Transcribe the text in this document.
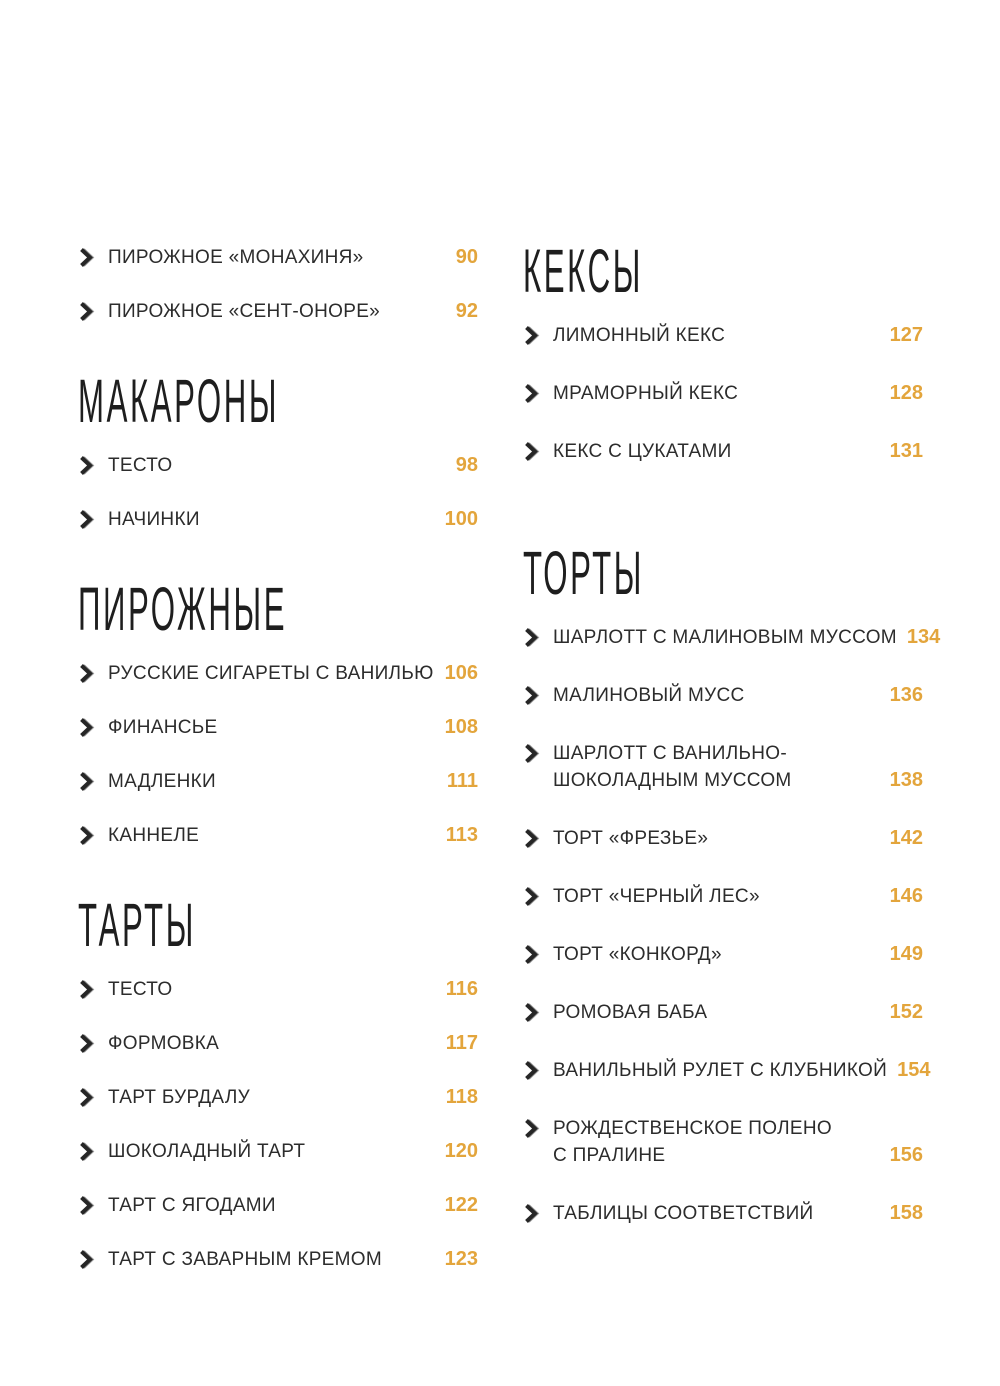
ПИРОЖНОЕ «МОНАХИНЯ»	90
ПИРОЖНОЕ «СЕНТ-ОНОРЕ»	92
МАКАРОНЫ
ТЕСТО	98
НАЧИНКИ	100
ПИРОЖНЫЕ
РУССКИЕ СИГАРЕТЫ С ВАНИЛЬЮ 106
ФИНАНСЬЕ	108
МАДЛЕНКИ	111
КАННЕЛЕ	113
ТАРТЫ
ТЕСТО	116
ФОРМОВКА	117
ТАРТ БУРДАЛУ	118
ШОКОЛАДНЫЙ ТАРТ	120
ТАРТ С ЯГОДАМИ	122
ТАРТ С ЗАВАРНЫМ КРЕМОМ	123
КЕКСЫ
ЛИМОННЫЙ КЕКС	127
МРАМОРНЫЙ КЕКС	128
КЕКС С ЦУКАТАМИ	131
ТОРТЫ
ШАРЛОТТ С МАЛИНОВЫМ МУССОМ 134
МАЛИНОВЫЙ МУСС	136
ШАРЛОТТ С ВАНИЛЬНО-
ШОКОЛАДНЫМ МУССОМ	138
ТОРТ «ФРЕЗЬЕ»	142
ТОРТ «ЧЕРНЫЙ ЛЕС»	146
ТОРТ «КОНКОРД»	149
РОМОВАЯ БАБА	152
ВАНИЛЬНЫЙ РУЛЕТ С КЛУБНИКОЙ 154
РОЖДЕСТВЕНСКОЕ ПОЛЕНО
С ПРАЛИНЕ	156
ТАБЛИЦЫ СООТВЕТСТВИЙ	158
